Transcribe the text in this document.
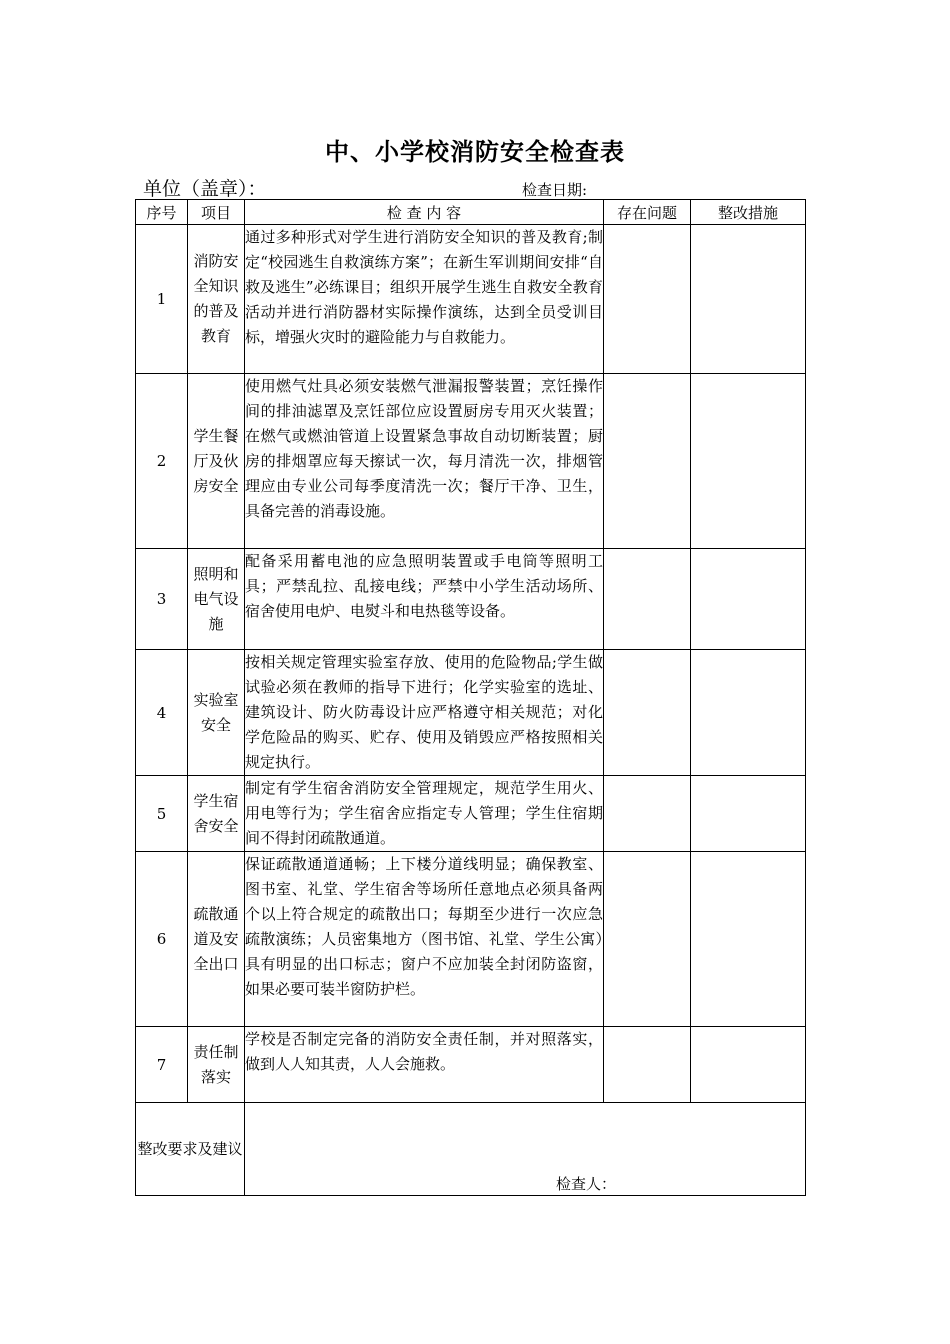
中、小学校消防安全检查表
单位（盖章）：	检查日期:
序号	项目	检 查 内 容	存在问题	整改措施
1	消防安全知识的普及教育	通过多种形式对学生进行消防安全知识的普及教育;制定“校园逃生自救演练方案”；在新生军训期间安排“自救及逃生”必练课目；组织开展学生逃生自救安全教育活动并进行消防器材实际操作演练，达到全员受训目标，增强火灾时的避险能力与自救能力。		
2	学生餐厅及伙房安全	使用燃气灶具必须安装燃气泄漏报警装置；烹饪操作间的排油滤罩及烹饪部位应设置厨房专用灭火装置；在燃气或燃油管道上设置紧急事故自动切断装置；厨房的排烟罩应每天擦试一次，每月清洗一次，排烟管理应由专业公司每季度清洗一次；餐厅干净、卫生，具备完善的消毒设施。		
3	照明和电气设施	配备采用蓄电池的应急照明装置或手电筒等照明工具；严禁乱拉、乱接电线；严禁中小学生活动场所、宿舍使用电炉、电熨斗和电热毯等设备。		
4	实验室安全	按相关规定管理实验室存放、使用的危险物品;学生做试验必须在教师的指导下进行；化学实验室的选址、建筑设计、防火防毒设计应严格遵守相关规范；对化学危险品的购买、贮存、使用及销毁应严格按照相关规定执行。		
5	学生宿舍安全	制定有学生宿舍消防安全管理规定，规范学生用火、用电等行为；学生宿舍应指定专人管理；学生住宿期间不得封闭疏散通道。		
6	疏散通道及安全出口	保证疏散通道通畅；上下楼分道线明显；确保教室、图书室、礼堂、学生宿舍等场所任意地点必须具备两个以上符合规定的疏散出口；每期至少进行一次应急疏散演练；人员密集地方（图书馆、礼堂、学生公寓）具有明显的出口标志；窗户不应加装全封闭防盗窗，如果必要可装半窗防护栏。		
7	责任制落实	学校是否制定完备的消防安全责任制，并对照落实，做到人人知其责，人人会施救。		
整改要求及建议		检查人：		
